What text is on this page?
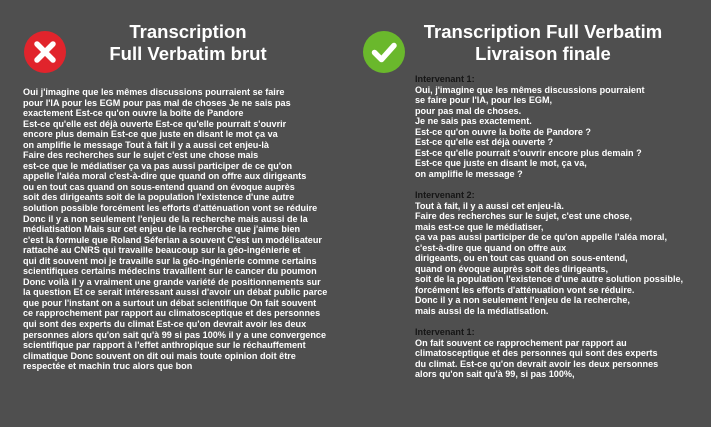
Transcription
Full Verbatim brut
Oui j'imagine que les mêmes discussions pourraient se faire
pour l'IA pour les EGM pour pas mal de choses Je ne sais pas
exactement Est-ce qu'on ouvre la boîte de Pandore
Est-ce qu'elle est déjà ouverte Est-ce qu'elle pourrait s'ouvrir
encore plus demain Est-ce que juste en disant le mot ça va
on amplifie le message Tout à fait il y a aussi cet enjeu-là
Faire des recherches sur le sujet c'est une chose mais
est-ce que le médiatiser ça va pas aussi participer de ce qu'on
appelle l'aléa moral c'est-à-dire que quand on offre aux dirigeants
ou en tout cas quand on sous-entend quand on évoque auprès
soit des dirigeants soit de la population l'existence d'une autre
solution possible forcément les efforts d'atténuation vont se réduire
Donc il y a non seulement l'enjeu de la recherche mais aussi de la
médiatisation Mais sur cet enjeu de la recherche que j'aime bien
c'est la formule que Roland Séferian a souvent C'est un modélisateur
rattaché au CNRS qui travaille beaucoup sur la géo-ingénierie et
qui dit souvent moi je travaille sur la géo-ingénierie comme certains
scientifiques certains médecins travaillent sur le cancer du poumon
Donc voilà il y a vraiment une grande variété de positionnements sur
la question Et ce serait intéressant aussi d'avoir un débat public parce
que pour l'instant on a surtout un débat scientifique On fait souvent
ce rapprochement par rapport au climatosceptique et des personnes
qui sont des experts du climat Est-ce qu'on devrait avoir les deux
personnes alors qu'on sait qu'à 99 si pas 100% il y a une convergence
scientifique par rapport à l'effet anthropique sur le réchauffement
climatique Donc souvent on dit oui mais toute opinion doit être
respectée et machin truc alors que bon
Transcription Full Verbatim
Livraison finale
Intervenant 1:
Oui, j'imagine que les mêmes discussions pourraient
se faire pour l'IA, pour les EGM,
pour pas mal de choses.
Je ne sais pas exactement.
Est-ce qu'on ouvre la boîte de Pandore ?
Est-ce qu'elle est déjà ouverte ?
Est-ce qu'elle pourrait s'ouvrir encore plus demain ?
Est-ce que juste en disant le mot, ça va,
on amplifie le message ?
Intervenant 2:
Tout à fait, il y a aussi cet enjeu-là.
Faire des recherches sur le sujet, c'est une chose,
mais est-ce que le médiatiser,
ça va pas aussi participer de ce qu'on appelle l'aléa moral,
c'est-à-dire que quand on offre aux
dirigeants, ou en tout cas quand on sous-entend,
quand on évoque auprès soit des dirigeants,
soit de la population l'existence d'une autre solution possible,
forcément les efforts d'atténuation vont se réduire.
Donc il y a non seulement l'enjeu de la recherche,
mais aussi de la médiatisation.
Intervenant 1:
On fait souvent ce rapprochement par rapport au
climatosceptique et des personnes qui sont des experts
du climat. Est-ce qu'on devrait avoir les deux personnes
alors qu'on sait qu'à 99, si pas 100%,
